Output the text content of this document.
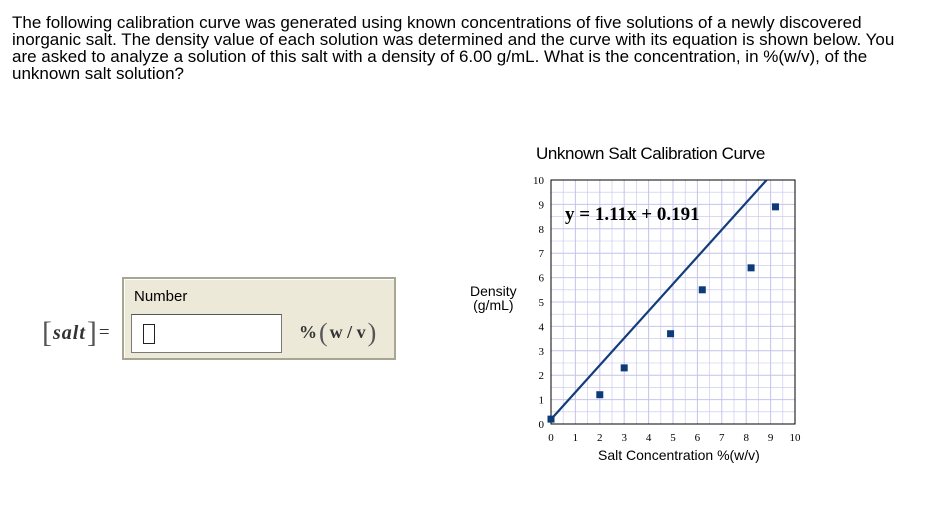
The following calibration curve was generated using known concentrations of five solutions of a newly discovered inorganic salt. The density value of each solution was determined and the curve with its equation is shown below. You are asked to analyze a solution of this salt with a density of 6.00 g/mL. What is the concentration, in %(w/v), of the unknown salt solution?
[ salt ] =
Number
% ( w / v )
Unknown Salt Calibration Curve
Density
(g/mL)
Salt Concentration %(w/v)
0
1
2
3
4
5
6
7
8
9
10
0 1 2 3 4 5 6 7 8 9 10
y = 1.11x + 0.191
